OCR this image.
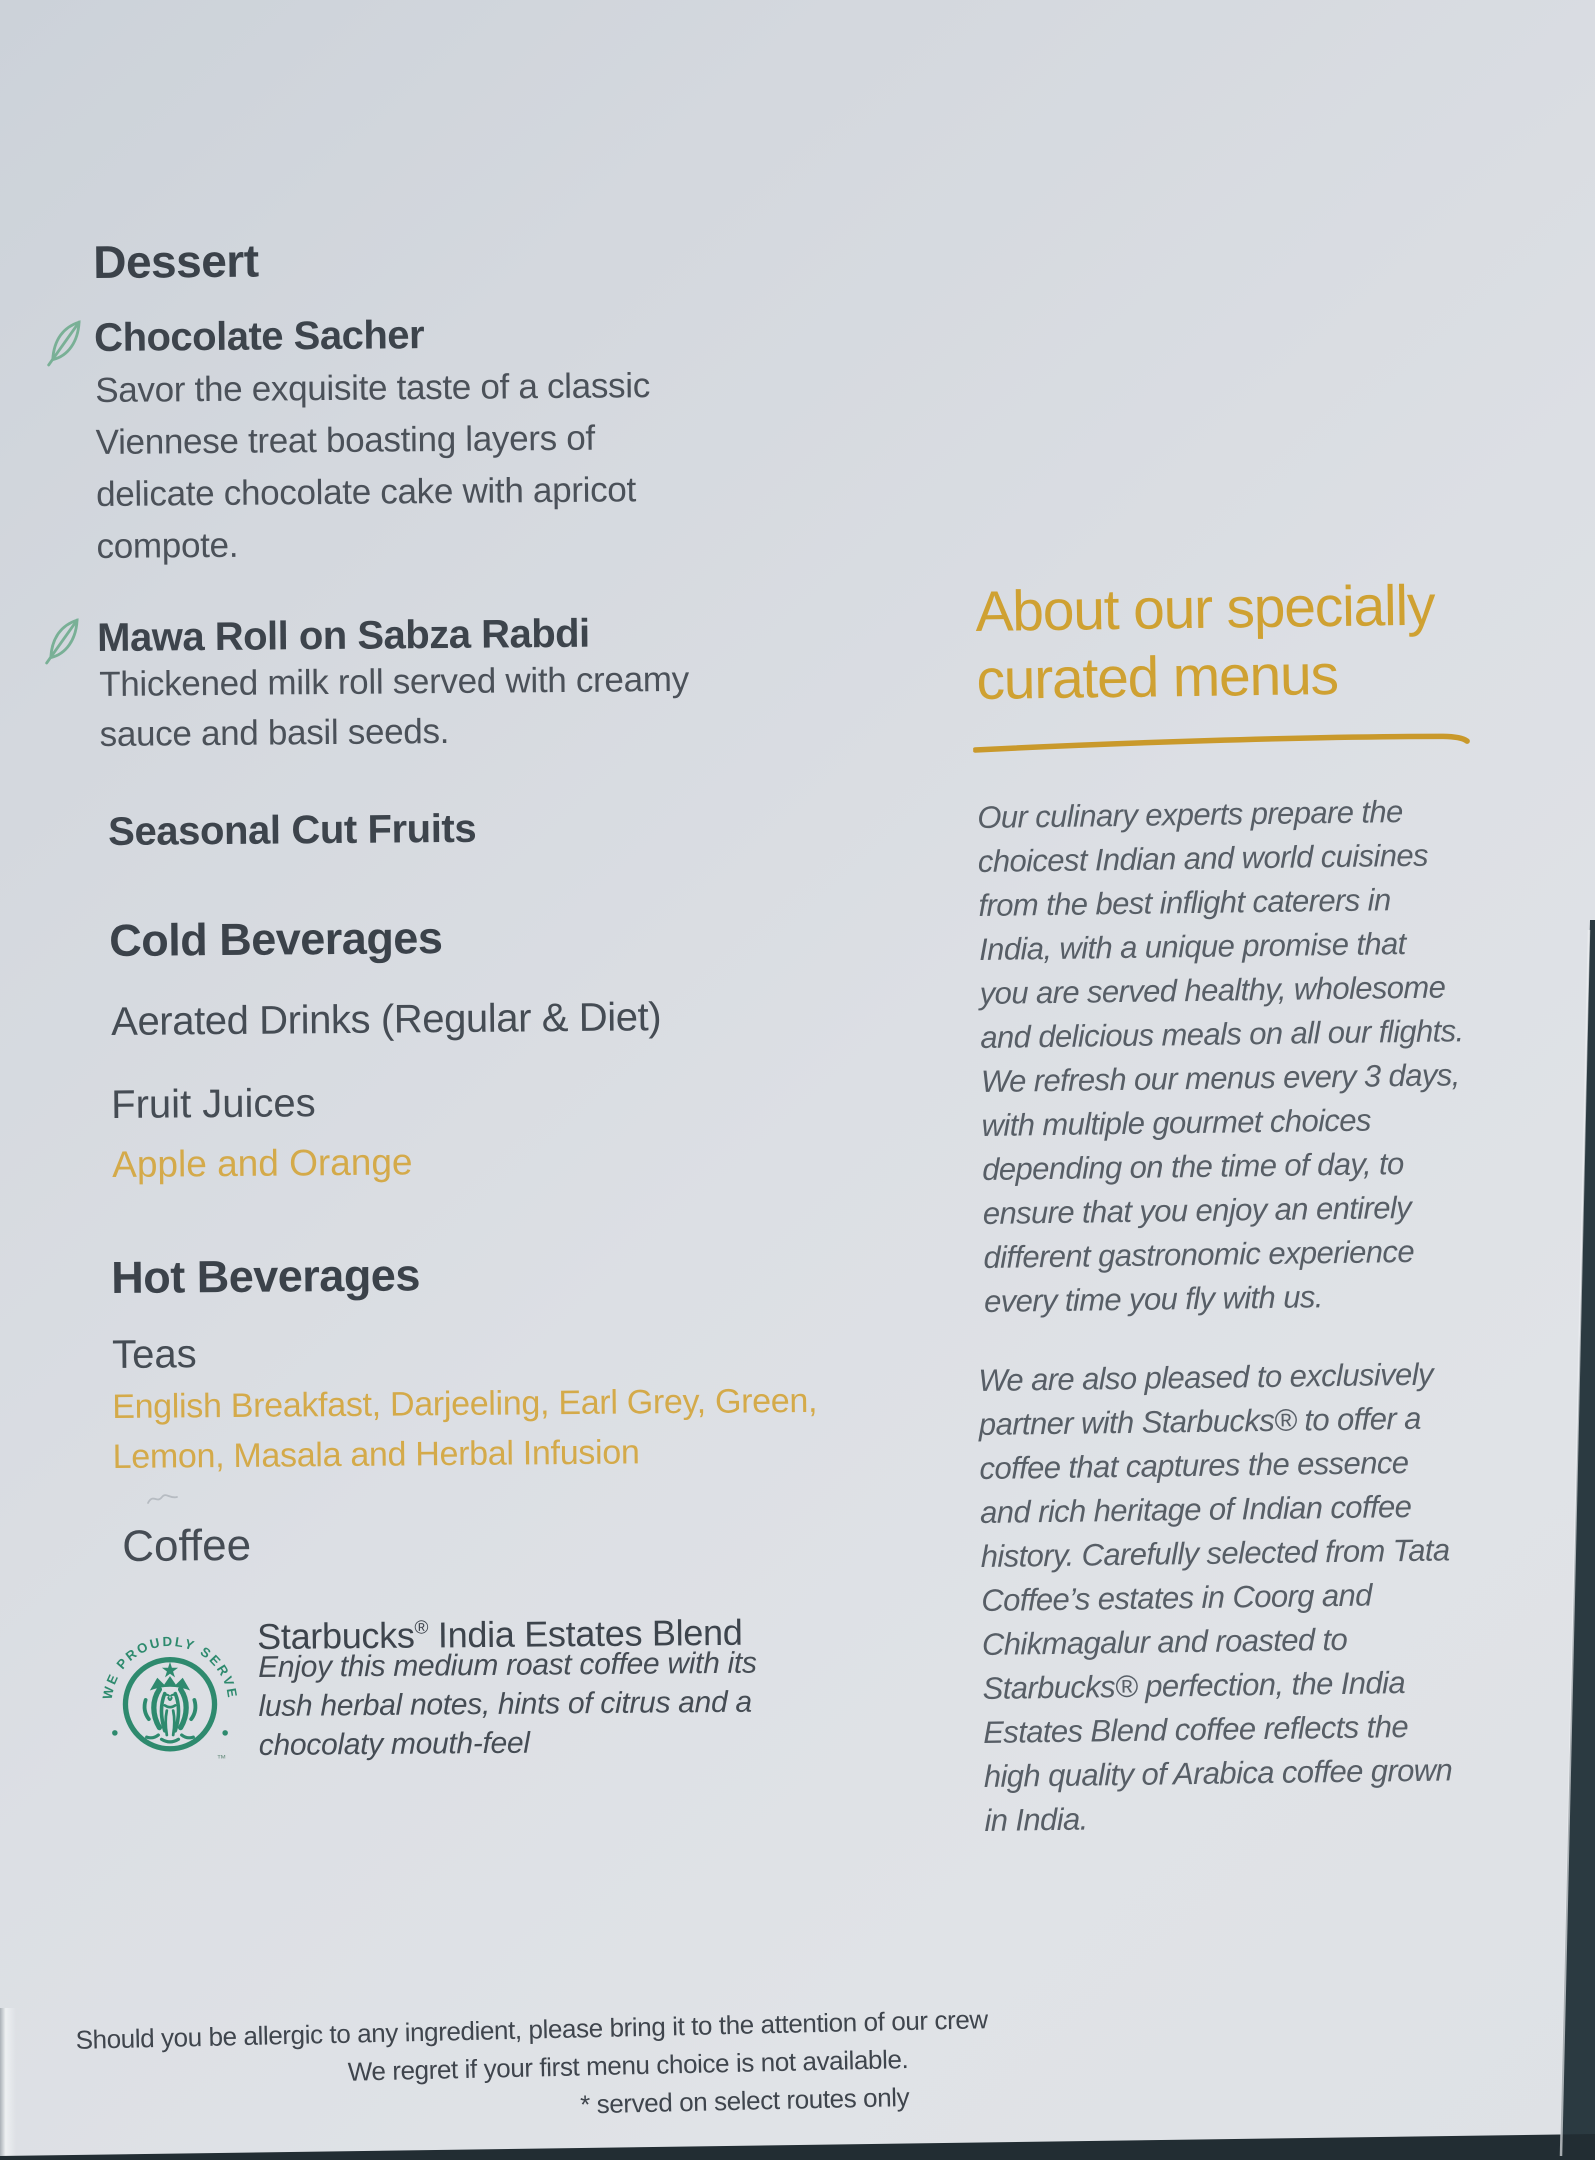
Dessert
Chocolate Sacher
Savor the exquisite taste of a classic
Viennese treat boasting layers of
delicate chocolate cake with apricot
compote.
Mawa Roll on Sabza Rabdi
Thickened milk roll served with creamy
sauce and basil seeds.
Seasonal Cut Fruits
Cold Beverages
Aerated Drinks (Regular & Diet)
Fruit Juices
Apple and Orange
Hot Beverages
Teas
English Breakfast, Darjeeling, Earl Grey, Green,
Lemon, Masala and Herbal Infusion
Coffee
WE PROUDLY SERVE
™
Starbucks® India Estates Blend
Enjoy this medium roast coffee with its
lush herbal notes, hints of citrus and a
chocolaty mouth-feel
About our specially
curated menus
Our culinary experts prepare the
choicest Indian and world cuisines
from the best inflight caterers in
India, with a unique promise that
you are served healthy, wholesome
and delicious meals on all our flights.
We refresh our menus every 3 days,
with multiple gourmet choices
depending on the time of day, to
ensure that you enjoy an entirely
different gastronomic experience
every time you fly with us.
We are also pleased to exclusively
partner with Starbucks® to offer a
coffee that captures the essence
and rich heritage of Indian coffee
history. Carefully selected from Tata
Coffee’s estates in Coorg and
Chikmagalur and roasted to
Starbucks® perfection, the India
Estates Blend coffee reflects the
high quality of Arabica coffee grown
in India.
Should you be allergic to any ingredient, please bring it to the attention of our crew
We regret if your first menu choice is not available.
* served on select routes only
